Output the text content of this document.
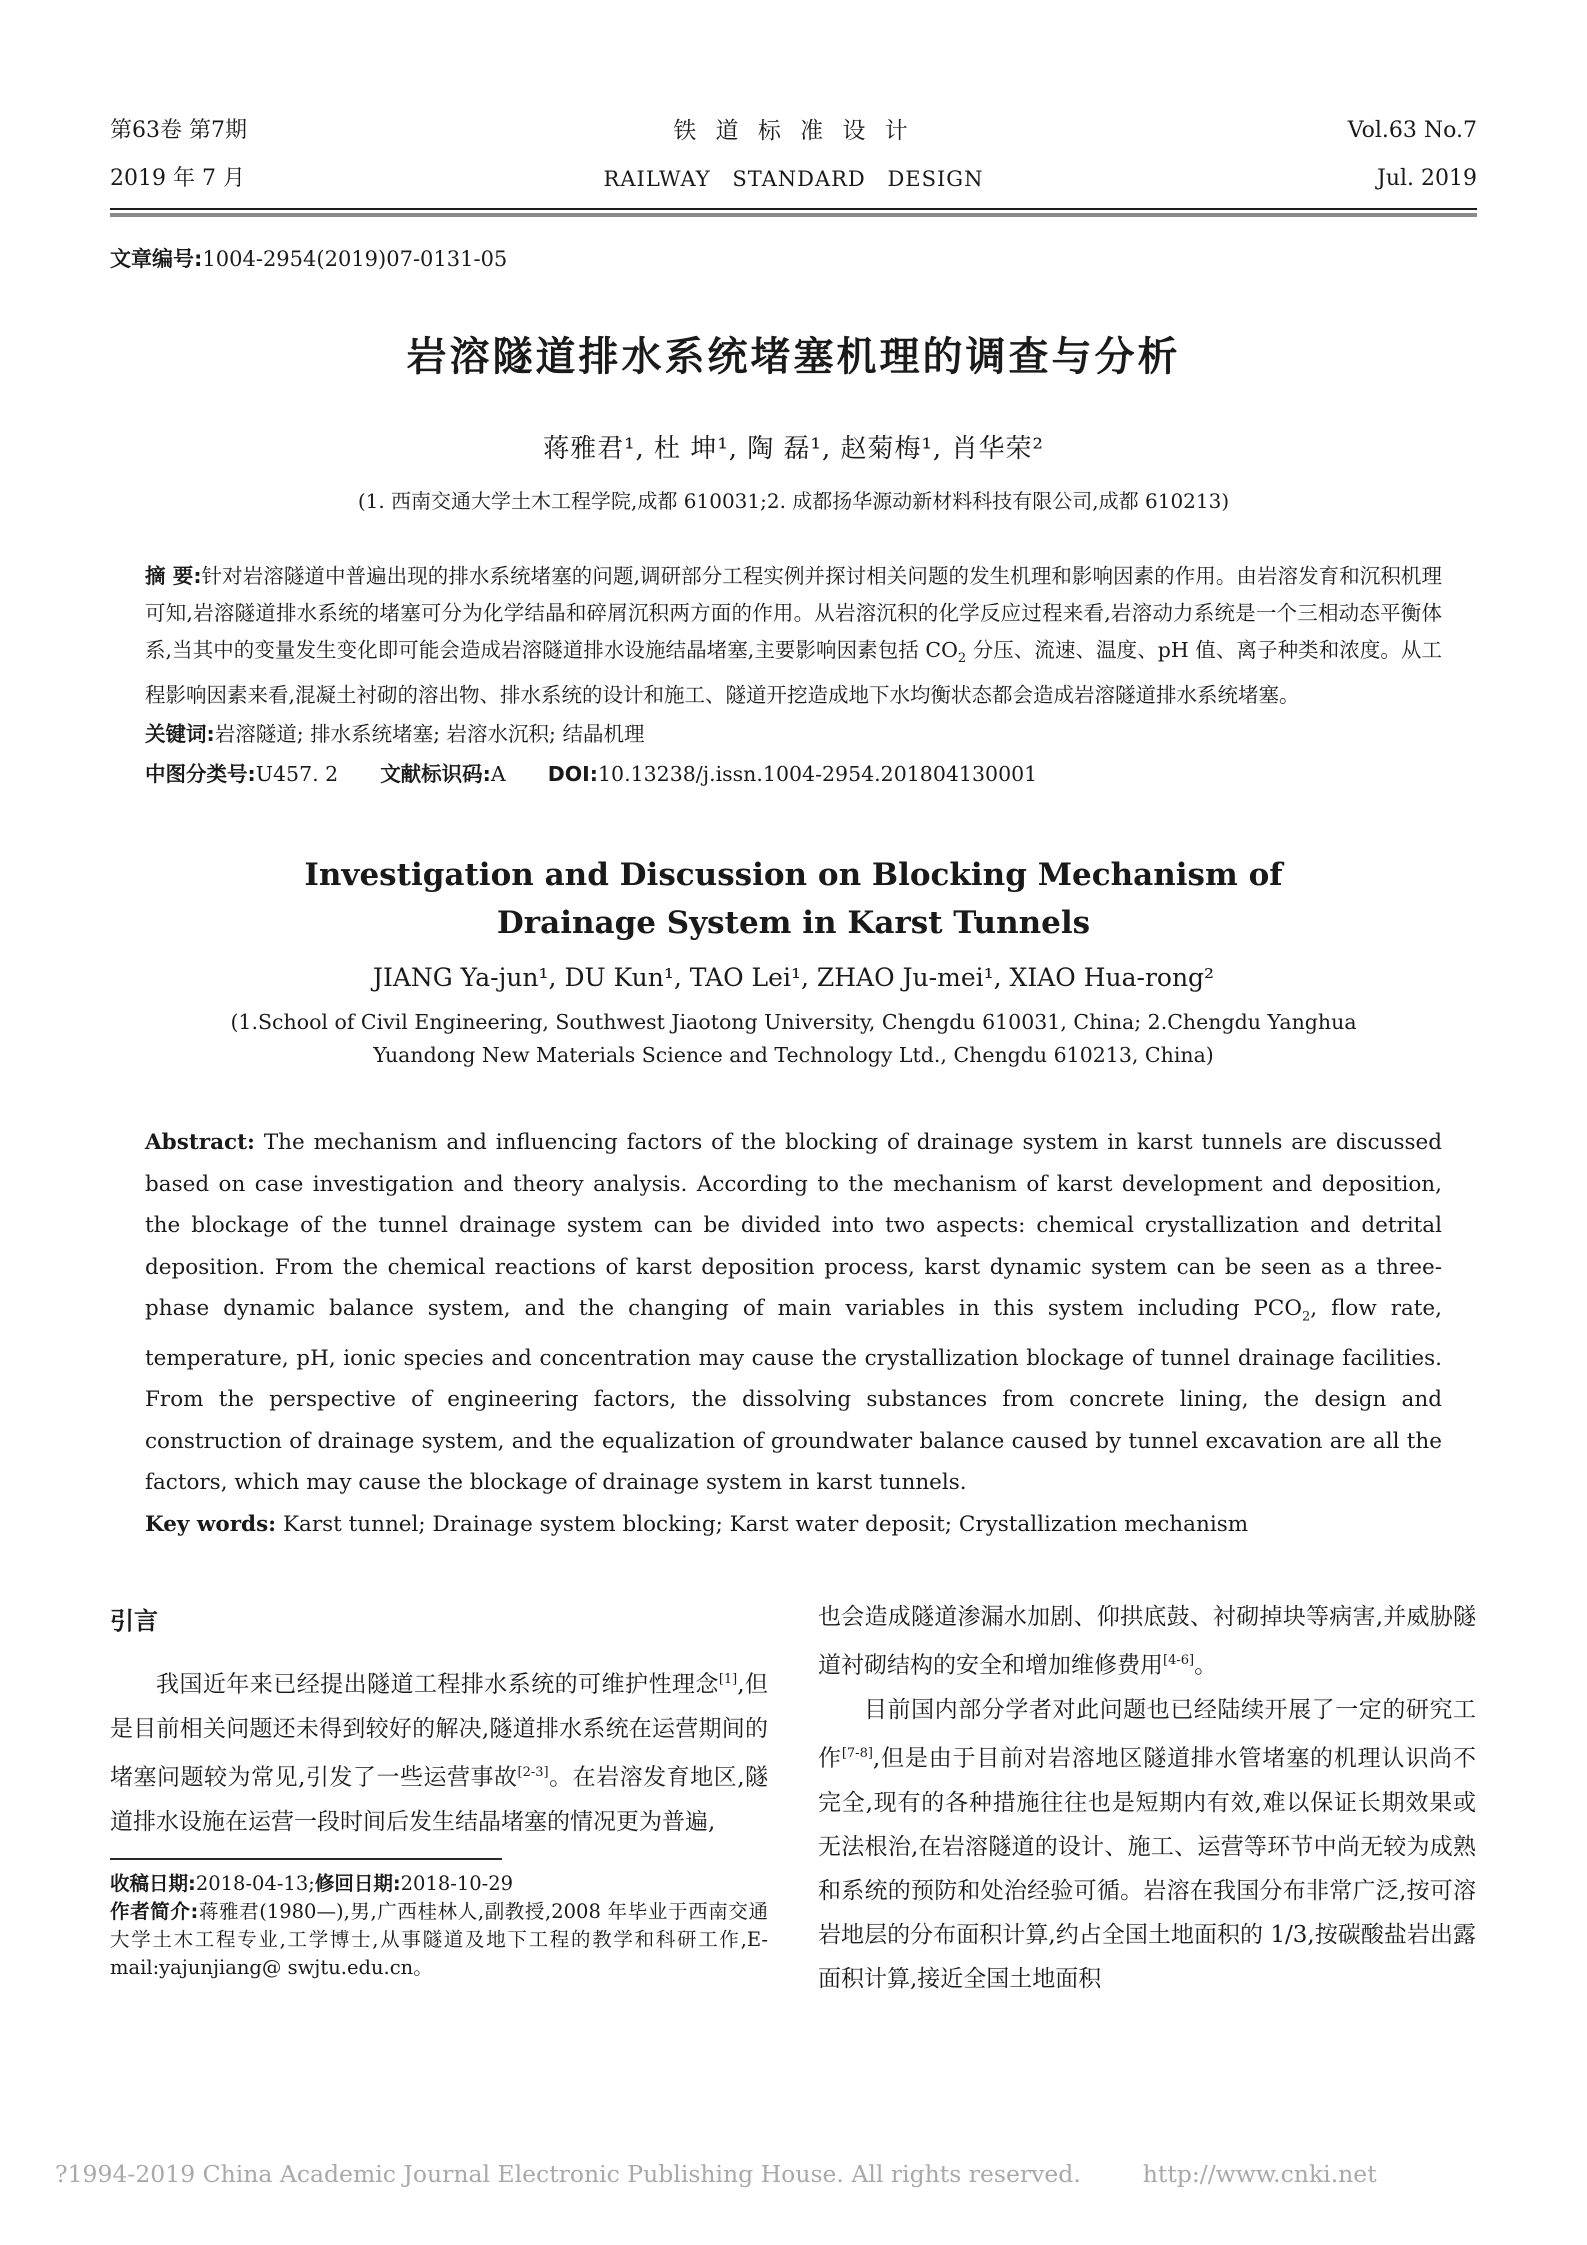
第63卷 第7期
2019 年 7 月
铁 道 标 准 设 计
RAILWAY STANDARD DESIGN
Vol.63 No.7
Jul. 2019
文章编号:1004-2954(2019)07-0131-05
岩溶隧道排水系统堵塞机理的调查与分析
蒋雅君¹, 杜 坤¹, 陶 磊¹, 赵菊梅¹, 肖华荣²
(1. 西南交通大学土木工程学院,成都 610031;2. 成都扬华源动新材料科技有限公司,成都 610213)
摘 要:针对岩溶隧道中普遍出现的排水系统堵塞的问题,调研部分工程实例并探讨相关问题的发生机理和影响因素的作用。由岩溶发育和沉积机理可知,岩溶隧道排水系统的堵塞可分为化学结晶和碎屑沉积两方面的作用。从岩溶沉积的化学反应过程来看,岩溶动力系统是一个三相动态平衡体系,当其中的变量发生变化即可能会造成岩溶隧道排水设施结晶堵塞,主要影响因素包括 $CO_2$ 分压、流速、温度、pH 值、离子种类和浓度。从工程影响因素来看,混凝土衬砌的溶出物、排水系统的设计和施工、隧道开挖造成地下水均衡状态都会造成岩溶隧道排水系统堵塞。
关键词:岩溶隧道; 排水系统堵塞; 岩溶水沉积; 结晶机理
中图分类号:U457. 2 文献标识码:A DOI:10.13238/j.issn.1004-2954.201804130001
Investigation and Discussion on Blocking Mechanism of
Drainage System in Karst Tunnels
JIANG Ya-jun¹, DU Kun¹, TAO Lei¹, ZHAO Ju-mei¹, XIAO Hua-rong²
(1.School of Civil Engineering, Southwest Jiaotong University, Chengdu 610031, China; 2.Chengdu Yanghua
Yuandong New Materials Science and Technology Ltd., Chengdu 610213, China)
Abstract: The mechanism and influencing factors of the blocking of drainage system in karst tunnels are discussed based on case investigation and theory analysis. According to the mechanism of karst development and deposition, the blockage of the tunnel drainage system can be divided into two aspects: chemical crystallization and detrital deposition. From the chemical reactions of karst deposition process, karst dynamic system can be seen as a three-phase dynamic balance system, and the changing of main variables in this system including $PCO_2$, flow rate, temperature, pH, ionic species and concentration may cause the crystallization blockage of tunnel drainage facilities. From the perspective of engineering factors, the dissolving substances from concrete lining, the design and construction of drainage system, and the equalization of groundwater balance caused by tunnel excavation are all the factors, which may cause the blockage of drainage system in karst tunnels.
Key words: Karst tunnel; Drainage system blocking; Karst water deposit; Crystallization mechanism
引言

我国近年来已经提出隧道工程排水系统的可维护性理念[1],但是目前相关问题还未得到较好的解决,隧道排水系统在运营期间的堵塞问题较为常见,引发了一些运营事故[2-3]。在岩溶发育地区,隧道排水设施在运营一段时间后发生结晶堵塞的情况更为普遍,

收稿日期:2018-04-13;修回日期:2018-10-29
作者简介:蒋雅君(1980—),男,广西桂林人,副教授,2008 年毕业于西南交通大学土木工程专业,工学博士,从事隧道及地下工程的教学和科研工作,E-mail:yajunjiang@ swjtu.edu.cn。

也会造成隧道渗漏水加剧、仰拱底鼓、衬砌掉块等病害,并威胁隧道衬砌结构的安全和增加维修费用[4-6]。

目前国内部分学者对此问题也已经陆续开展了一定的研究工作[7-8],但是由于目前对岩溶地区隧道排水管堵塞的机理认识尚不完全,现有的各种措施往往也是短期内有效,难以保证长期效果或无法根治,在岩溶隧道的设计、施工、运营等环节中尚无较为成熟和系统的预防和处治经验可循。岩溶在我国分布非常广泛,按可溶岩地层的分布面积计算,约占全国土地面积的 1/3,按碳酸盐岩出露面积计算,接近全国土地面积

?1994-2019 China Academic Journal Electronic Publishing House. All rights reserved.	http://www.cnki.net
